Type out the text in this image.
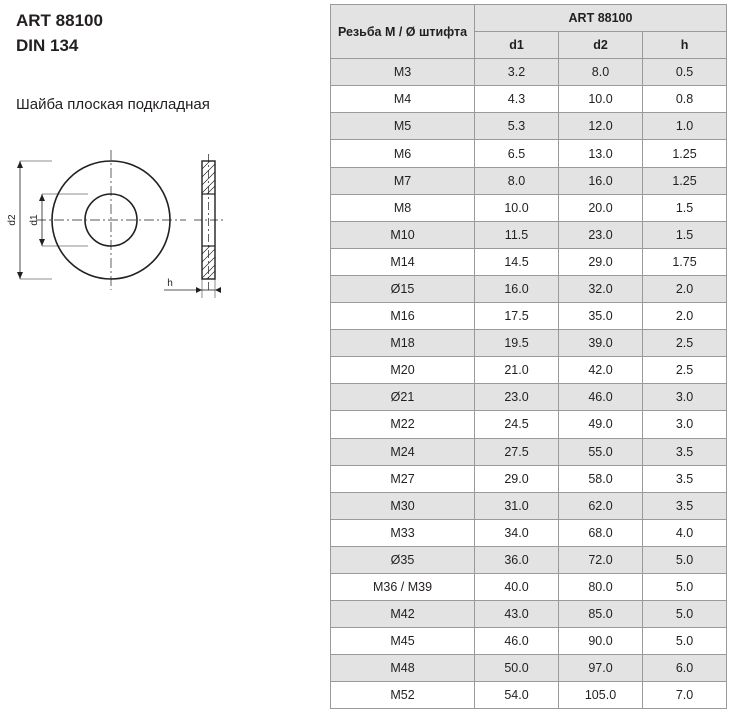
ART 88100
DIN 134
Шайба плоская подкладная
d2 d1
h
Резьба M / Ø штифта	ART 88100		
	d1	d2	h
M3	3.2	8.0	0.5
M4	4.3	10.0	0.8
M5	5.3	12.0	1.0
M6	6.5	13.0	1.25
M7	8.0	16.0	1.25
M8	10.0	20.0	1.5
M10	11.5	23.0	1.5
M14	14.5	29.0	1.75
Ø15	16.0	32.0	2.0
M16	17.5	35.0	2.0
M18	19.5	39.0	2.5
M20	21.0	42.0	2.5
Ø21	23.0	46.0	3.0
M22	24.5	49.0	3.0
M24	27.5	55.0	3.5
M27	29.0	58.0	3.5
M30	31.0	62.0	3.5
M33	34.0	68.0	4.0
Ø35	36.0	72.0	5.0
M36 / M39	40.0	80.0	5.0
M42	43.0	85.0	5.0
M45	46.0	90.0	5.0
M48	50.0	97.0	6.0
M52	54.0	105.0	7.0
